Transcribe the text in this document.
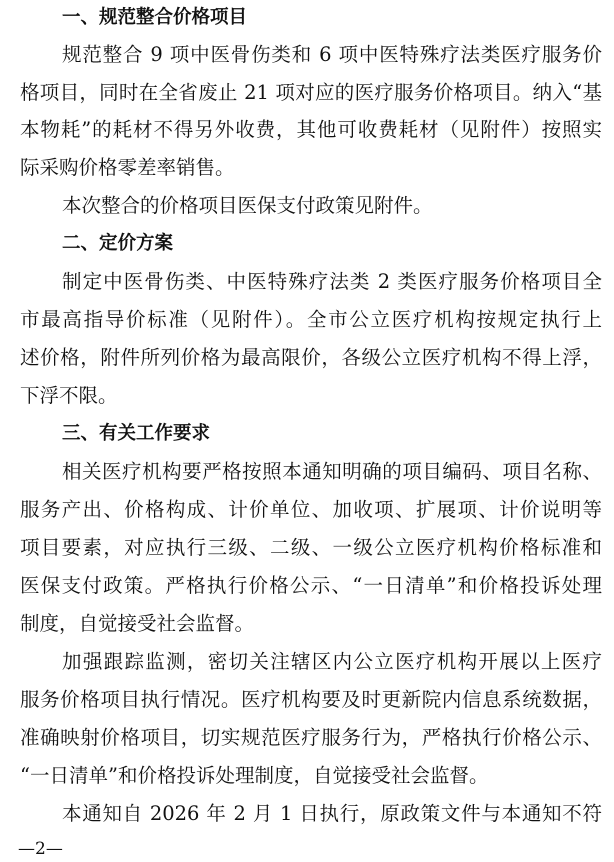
一、规范整合价格项目
规范整合 9 项中医骨伤类和 6 项中医特殊疗法类医疗服务价
格项目，同时在全省废止 21 项对应的医疗服务价格项目。纳入“基
本物耗”的耗材不得另外收费，其他可收费耗材（见附件）按照实
际采购价格零差率销售。
本次整合的价格项目医保支付政策见附件。
二、定价方案
制定中医骨伤类、中医特殊疗法类 2 类医疗服务价格项目全
市最高指导价标准（见附件）。全市公立医疗机构按规定执行上
述价格，附件所列价格为最高限价，各级公立医疗机构不得上浮，
下浮不限。
三、有关工作要求
相关医疗机构要严格按照本通知明确的项目编码、项目名称、
服务产出、价格构成、计价单位、加收项、扩展项、计价说明等
项目要素，对应执行三级、二级、一级公立医疗机构价格标准和
医保支付政策。严格执行价格公示、“一日清单”和价格投诉处理
制度，自觉接受社会监督。
加强跟踪监测，密切关注辖区内公立医疗机构开展以上医疗
服务价格项目执行情况。医疗机构要及时更新院内信息系统数据，
准确映射价格项目，切实规范医疗服务行为，严格执行价格公示、
“一日清单”和价格投诉处理制度，自觉接受社会监督。
本通知自 2026 年 2 月 1 日执行，原政策文件与本通知不符
—2—
